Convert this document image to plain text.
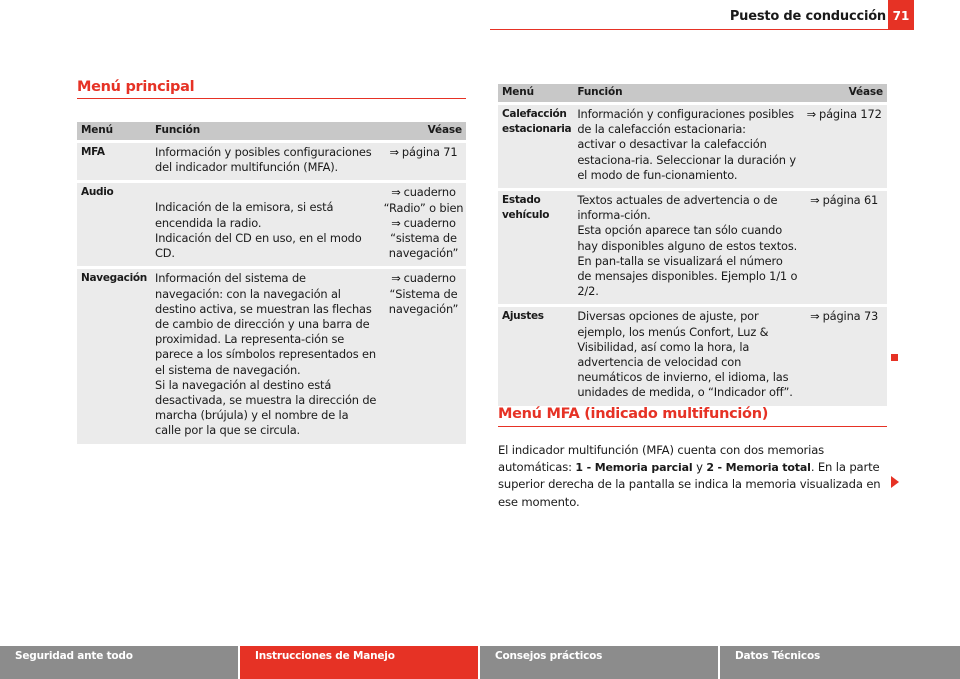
Puesto de conducción 71
Menú principal
Menú	Función	Véase
MFA	Información y posibles configuraciones del indicador multifunción (MFA).	⇒ página 71
Audio	Indicación de la emisora, si está encendida la radio.
Indicación del CD en uso, en el modo CD.	⇒ cuaderno “Radio” o bien
⇒ cuaderno “sistema de navegación”
Navegación	Información del sistema de navegación: con la navegación al destino activa, se muestran las flechas de cambio de dirección y una barra de proximidad. La representa-ción se parece a los símbolos representados en el sistema de navegación.
Si la navegación al destino está desactivada, se muestra la dirección de marcha (brújula) y el nombre de la calle por la que se circula.	⇒ cuaderno “Sistema de navegación”
Menú	Función	Véase
Calefacción estacionaria	Información y configuraciones posibles de la calefacción estacionaria:
activar o desactivar la calefacción estaciona-ria. Seleccionar la duración y el modo de fun-cionamiento.	⇒ página 172
Estado vehículo	Textos actuales de advertencia o de informa-ción.
Esta opción aparece tan sólo cuando hay disponibles alguno de estos textos. En pan-talla se visualizará el número de mensajes disponibles. Ejemplo 1/1 o 2/2.	⇒ página 61
Ajustes	Diversas opciones de ajuste, por ejemplo, los menús Confort, Luz & Visibilidad, así como la hora, la advertencia de velocidad con neumáticos de invierno, el idioma, las unidades de medida, o “Indicador off”.	⇒ página 73
Menú MFA (indicado multifunción)
El indicador multifunción (MFA) cuenta con dos memorias automáticas: 1 - Memoria parcial y 2 - Memoria total. En la parte superior derecha de la pantalla se indica la memoria visualizada en ese momento.
Seguridad ante todo	Instrucciones de Manejo	Consejos prácticos	Datos Técnicos
